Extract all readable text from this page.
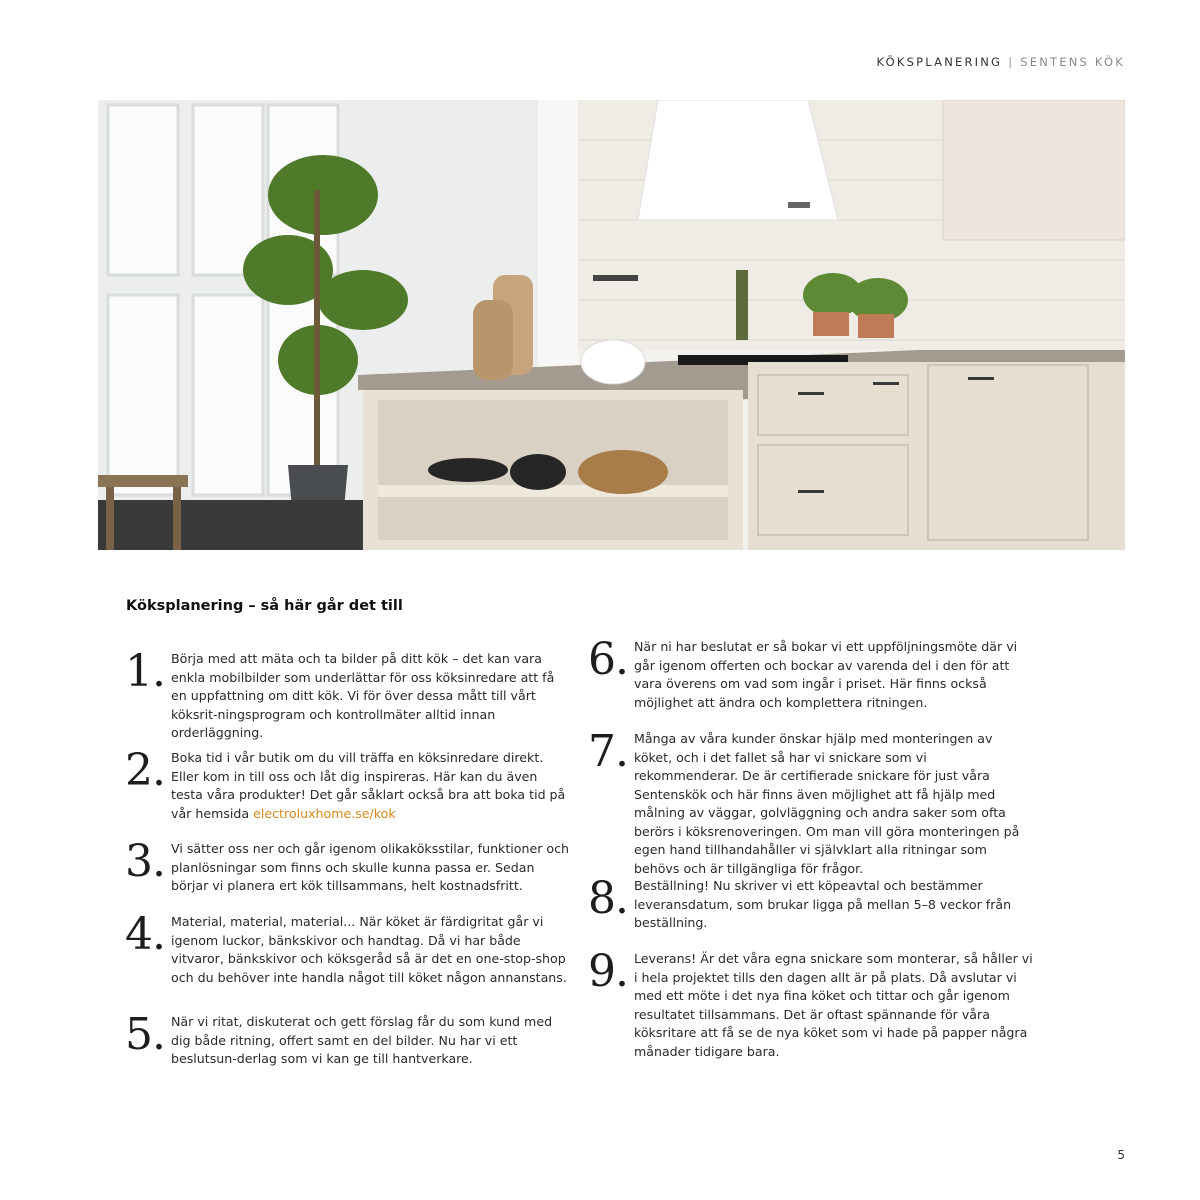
KÖKSPLANERING | SENTENS KÖK
Köksplanering – så här går det till
1. Börja med att mäta och ta bilder på ditt kök – det kan vara enkla mobilbilder som underlättar för oss köksinredare att få en uppfattning om ditt kök. Vi för över dessa mått till vårt köksrit-ningsprogram och kontrollmäter alltid innan orderläggning.
2. Boka tid i vår butik om du vill träffa en köksinredare direkt. Eller kom in till oss och låt dig inspireras. Här kan du även testa våra produkter! Det går såklart också bra att boka tid på vår hemsida electroluxhome.se/kok
3. Vi sätter oss ner och går igenom olikaköksstilar, funktioner och planlösningar som finns och skulle kunna passa er. Sedan börjar vi planera ert kök tillsammans, helt kostnadsfritt.
4. Material, material, material... När köket är färdigritat går vi igenom luckor, bänkskivor och handtag. Då vi har både vitvaror, bänkskivor och köksgeråd så är det en one-stop-shop och du behöver inte handla något till köket någon annanstans.
5. När vi ritat, diskuterat och gett förslag får du som kund med dig både ritning, offert samt en del bilder. Nu har vi ett beslutsun-derlag som vi kan ge till hantverkare.
6. När ni har beslutat er så bokar vi ett uppföljningsmöte där vi går igenom offerten och bockar av varenda del i den för att vara överens om vad som ingår i priset. Här finns också möjlighet att ändra och komplettera ritningen.
7. Många av våra kunder önskar hjälp med monteringen av köket, och i det fallet så har vi snickare som vi rekommenderar. De är certifierade snickare för just våra Sentenskök och här finns även möjlighet att få hjälp med målning av väggar, golvläggning och andra saker som ofta berörs i köksrenoveringen. Om man vill göra monteringen på egen hand tillhandahåller vi självklart alla ritningar som behövs och är tillgängliga för frågor.
8. Beställning! Nu skriver vi ett köpeavtal och bestämmer leveransdatum, som brukar ligga på mellan 5–8 veckor från beställning.
9. Leverans! Är det våra egna snickare som monterar, så håller vi i hela projektet tills den dagen allt är på plats. Då avslutar vi med ett möte i det nya fina köket och tittar och går igenom resultatet tillsammans. Det är oftast spännande för våra köksritare att få se de nya köket som vi hade på papper några månader tidigare bara.
5
